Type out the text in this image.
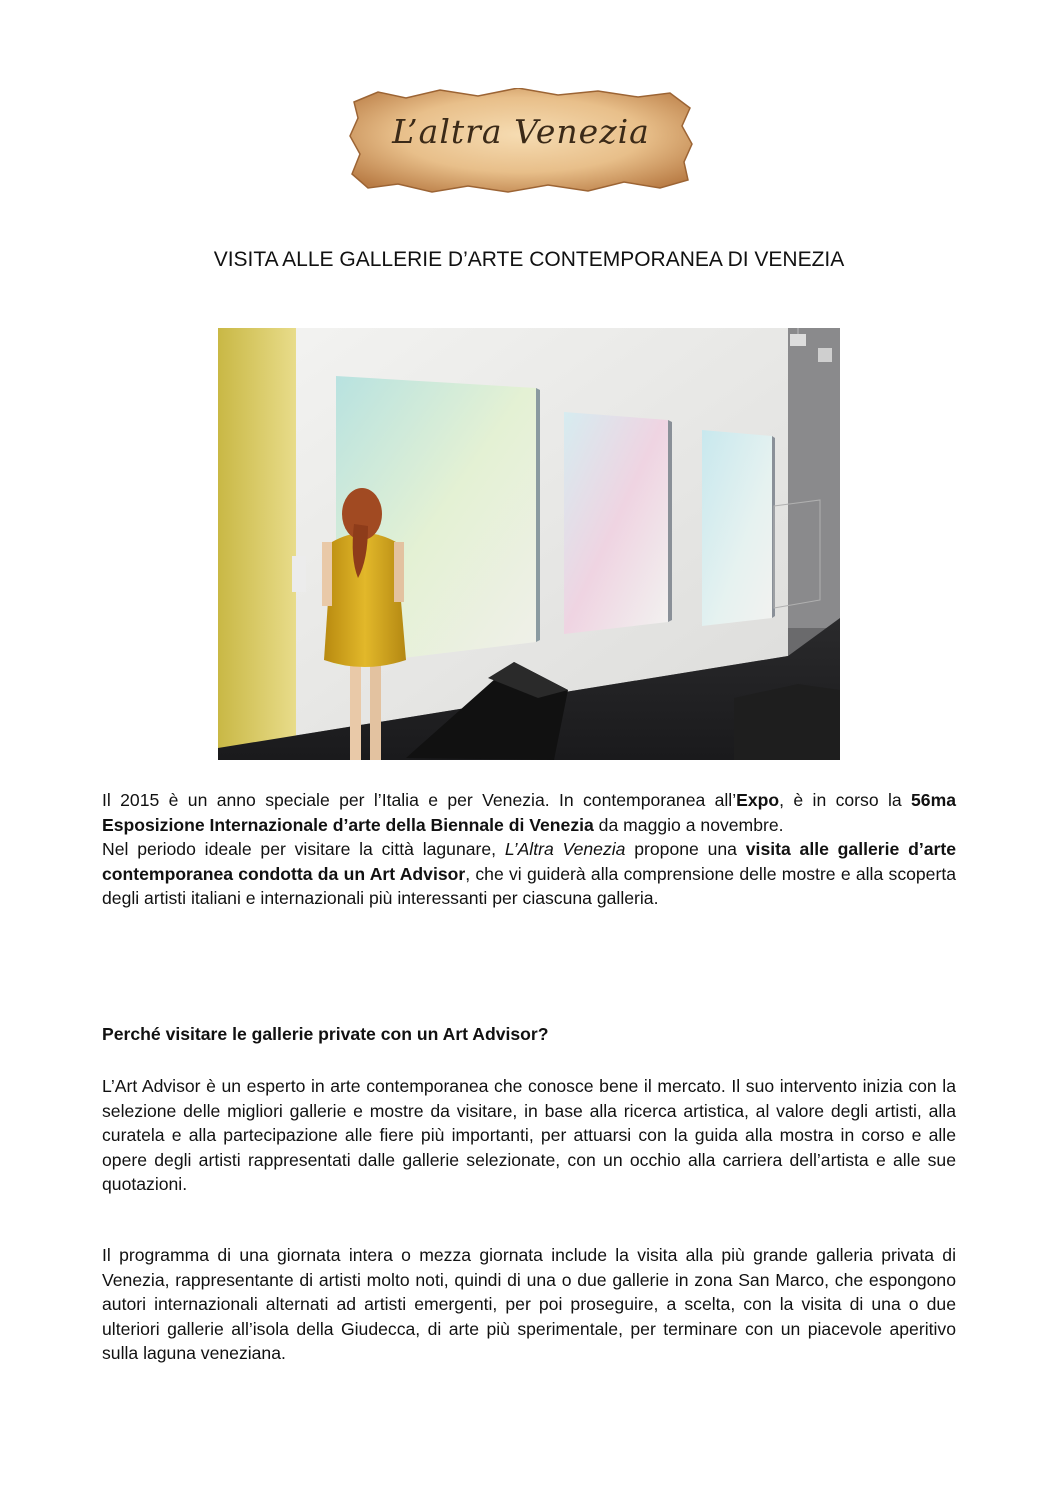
L’altra Venezia
VISITA ALLE GALLERIE D’ARTE CONTEMPORANEA DI VENEZIA

Il 2015 è un anno speciale per l’Italia e per Venezia. In contemporanea all’Expo, è in corso la 56ma Esposizione Internazionale d’arte della Biennale di Venezia da maggio a novembre.
Nel periodo ideale per visitare la città lagunare, L’Altra Venezia propone una visita alle gallerie d’arte contemporanea condotta da un Art Advisor, che vi guiderà alla comprensione delle mostre e alla scoperta degli artisti italiani e internazionali più interessanti per ciascuna galleria.

Perché visitare le gallerie private con un Art Advisor?

L’Art Advisor è un esperto in arte contemporanea che conosce bene il mercato. Il suo intervento inizia con la selezione delle migliori gallerie e mostre da visitare, in base alla ricerca artistica, al valore degli artisti, alla curatela e alla partecipazione alle fiere più importanti, per attuarsi con la guida alla mostra in corso e alle opere degli artisti rappresentati dalle gallerie selezionate, con un occhio alla carriera dell’artista e alle sue quotazioni.

Il programma di una giornata intera o mezza giornata include la visita alla più grande galleria privata di Venezia, rappresentante di artisti molto noti, quindi di una o due gallerie in zona San Marco, che espongono autori internazionali alternati ad artisti emergenti, per poi proseguire, a scelta, con la visita di una o due ulteriori gallerie all’isola della Giudecca, di arte più sperimentale, per terminare con un piacevole aperitivo sulla laguna veneziana.
